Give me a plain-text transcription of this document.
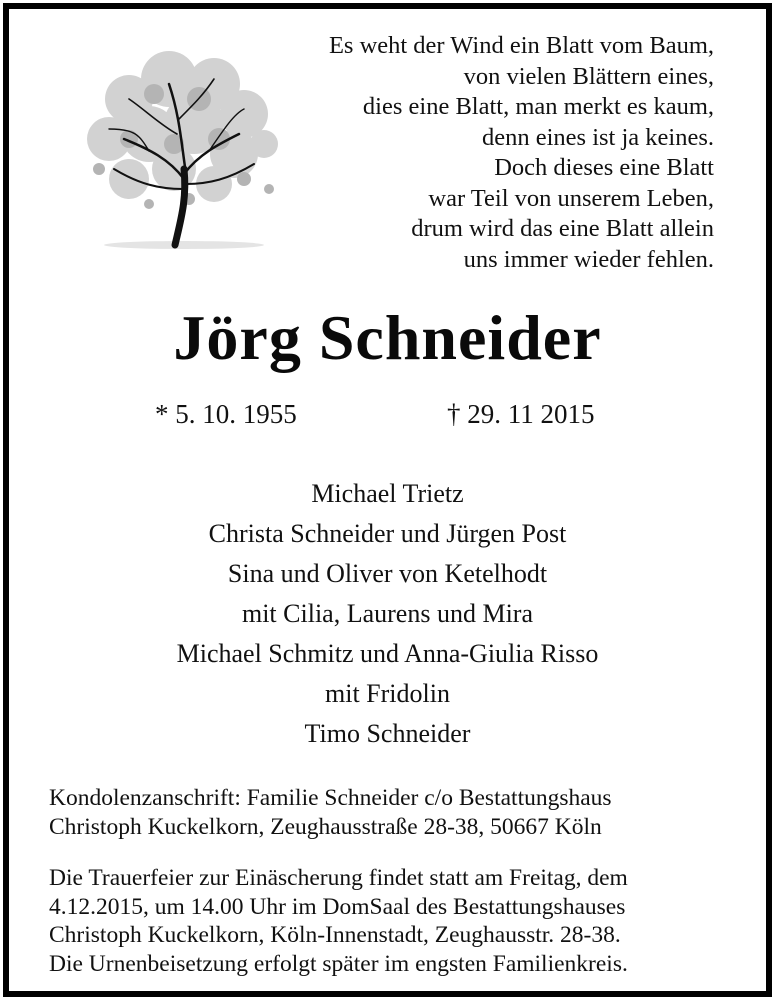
Es weht der Wind ein Blatt vom Baum,
von vielen Blättern eines,
dies eine Blatt, man merkt es kaum,
denn eines ist ja keines.
Doch dieses eine Blatt
war Teil von unserem Leben,
drum wird das eine Blatt allein
uns immer wieder fehlen.
Jörg Schneider
* 5. 10. 1955	† 29. 11 2015
Michael Trietz
Christa Schneider und Jürgen Post
Sina und Oliver von Ketelhodt
mit Cilia, Laurens und Mira
Michael Schmitz und Anna-Giulia Risso
mit Fridolin
Timo Schneider
Kondolenzanschrift: Familie Schneider c/o Bestattungshaus
Christoph Kuckelkorn, Zeughausstraße 28-38, 50667 Köln
Die Trauerfeier zur Einäscherung findet statt am Freitag, dem
4.12.2015, um 14.00 Uhr im DomSaal des Bestattungshauses
Christoph Kuckelkorn, Köln-Innenstadt, Zeughausstr. 28-38.
Die Urnenbeisetzung erfolgt später im engsten Familienkreis.
